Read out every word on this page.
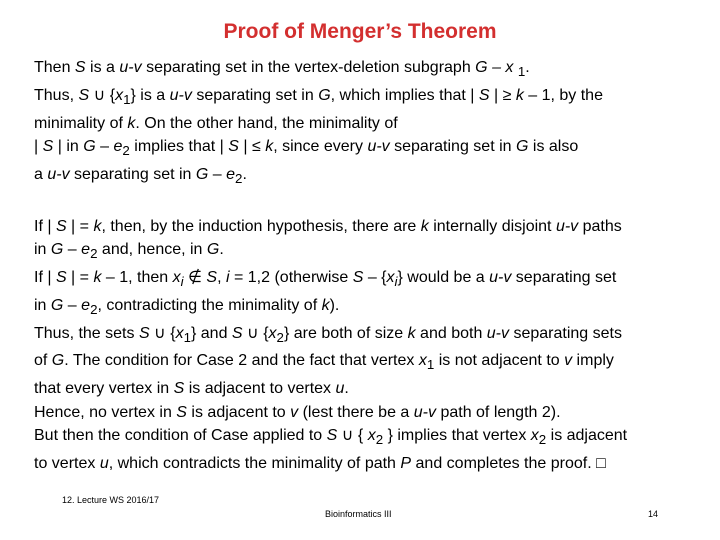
Proof of Menger’s Theorem
Then S is a u-v separating set in the vertex-deletion subgraph G – x $_1$.
Thus, S ∪ $\{x_1\}$ is a u-v separating set in G, which implies that | S | ≥ k – 1, by the
minimality of k. On the other hand, the minimality of
| S | in G – $e_2$ implies that | S | ≤ k, since every u-v separating set in G is also
a u-v separating set in G – $e_2$.
If | S | = k, then, by the induction hypothesis, there are k internally disjoint u-v paths
in G – $e_2$ and, hence, in G.
If | S | = k – 1, then $x_i$ ∉ S, i = 1,2 (otherwise S – $\{x_i\}$ would be a u-v separating set
in G – $e_2$, contradicting the minimality of k).
Thus, the sets S ∪ $\{x_1\}$ and S ∪ $\{x_2\}$ are both of size k and both u-v separating sets
of G. The condition for Case 2 and the fact that vertex $x_1$ is not adjacent to v imply
that every vertex in S is adjacent to vertex u.
Hence, no vertex in S is adjacent to v (lest there be a u-v path of length 2).
But then the condition of Case applied to S ∪ { $x_2$ } implies that vertex $x_2$ is adjacent
to vertex u, which contradicts the minimality of path P and completes the proof. □
12. Lecture WS 2016/17
Bioinformatics III	14
